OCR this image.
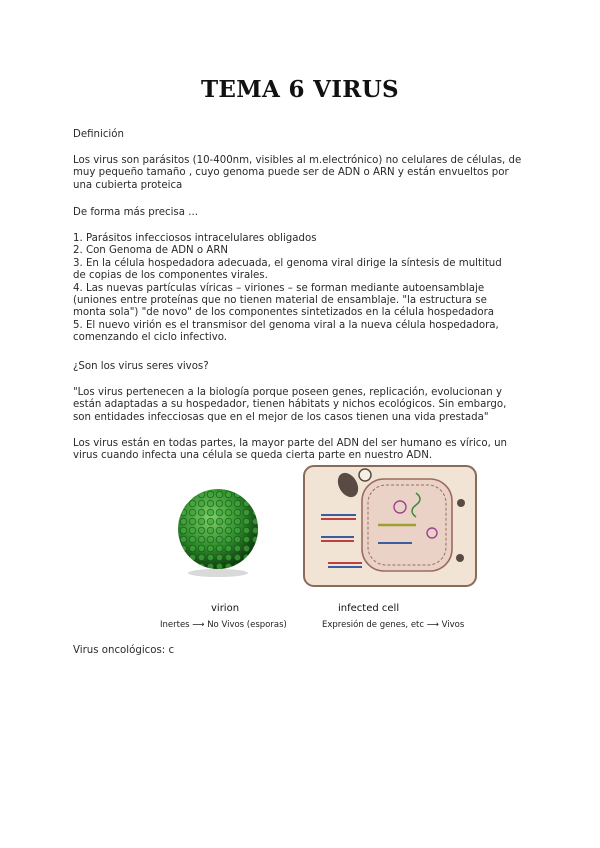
TEMA 6 VIRUS

Definición

Los virus son parásitos (10-400nm, visibles al m.electrónico) no celulares de células, de
muy pequeño tamaño , cuyo genoma puede ser de ADN o ARN y están envueltos por
una cubierta proteica

De forma más precisa ...

1. Parásitos infecciosos intracelulares obligados
2. Con Genoma de ADN o ARN
3. En la célula hospedadora adecuada, el genoma viral dirige la síntesis de multitud
de copias de los componentes virales.
4. Las nuevas partículas víricas – viriones – se forman mediante autoensamblaje
(uniones entre proteínas que no tienen material de ensamblaje. "la estructura se
monta sola") "de novo" de los componentes sintetizados en la célula hospedadora
5. El nuevo virión es el transmisor del genoma viral a la nueva célula hospedadora,
comenzando el ciclo infectivo.

¿Son los virus seres vivos?

"Los virus pertenecen a la biología porque poseen genes, replicación, evolucionan y
están adaptadas a su hospedador, tienen hábitats y nichos ecológicos. Sin embargo,
son entidades infecciosas que en el mejor de los casos tienen una vida prestada"
Los virus están en todas partes, la mayor parte del ADN del ser humano es vírico, un
virus cuando infecta una célula se queda cierta parte en nuestro ADN.
virion
Inertes ⟶ No Vivos (esporas)
infected cell
Expresión de genes, etc ⟶ Vivos

Virus oncológicos: c
